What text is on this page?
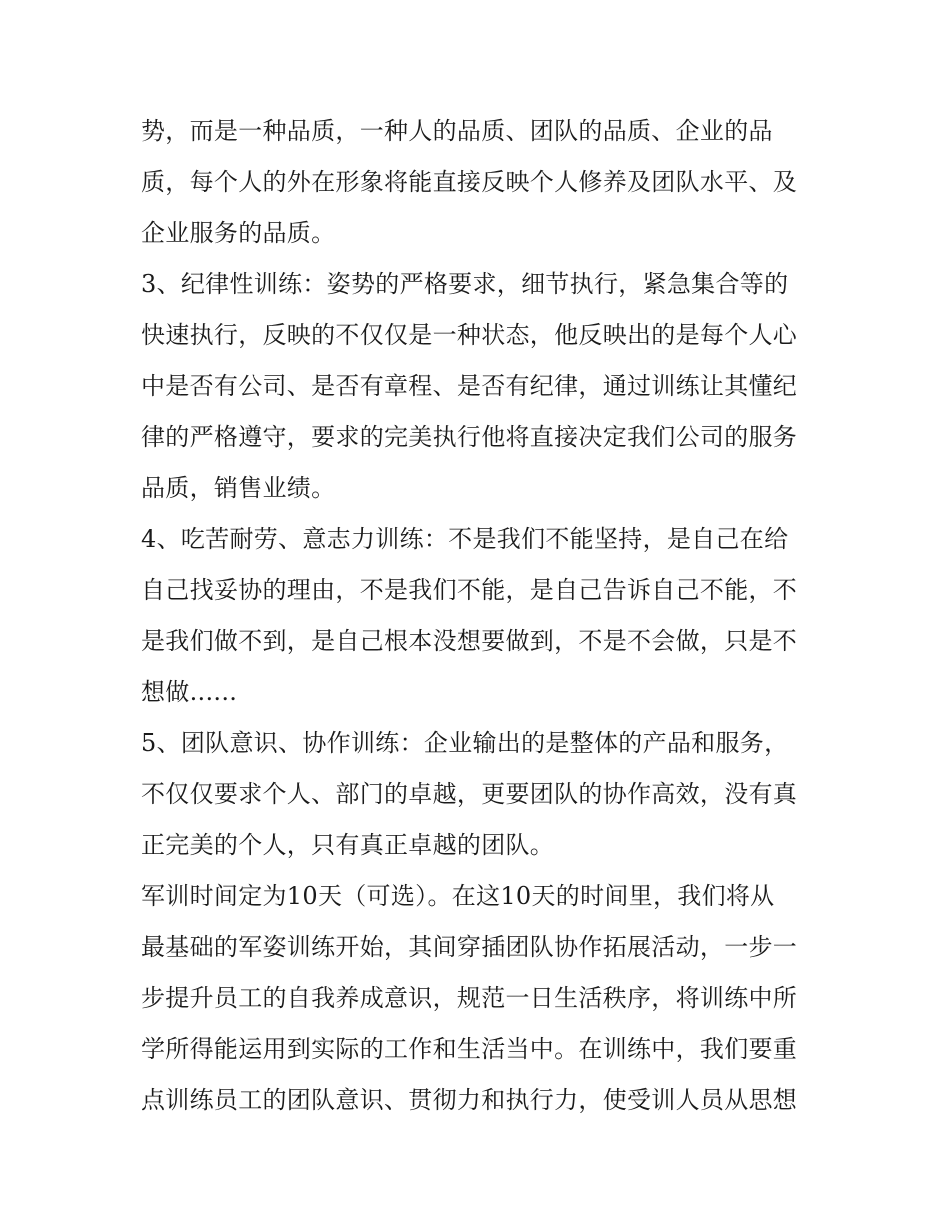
势，而是一种品质，一种人的品质、团队的品质、企业的品
质，每个人的外在形象将能直接反映个人修养及团队水平、及
企业服务的品质。
3、纪律性训练：姿势的严格要求，细节执行，紧急集合等的
快速执行，反映的不仅仅是一种状态，他反映出的是每个人心
中是否有公司、是否有章程、是否有纪律，通过训练让其懂纪
律的严格遵守，要求的完美执行他将直接决定我们公司的服务
品质，销售业绩。
4、吃苦耐劳、意志力训练：不是我们不能坚持，是自己在给
自己找妥协的理由，不是我们不能，是自己告诉自己不能，不
是我们做不到，是自己根本没想要做到，不是不会做，只是不
想做......
5、团队意识、协作训练：企业输出的是整体的产品和服务，
不仅仅要求个人、部门的卓越，更要团队的协作高效，没有真
正完美的个人，只有真正卓越的团队。
军训时间定为10天（可选）。在这10天的时间里，我们将从
最基础的军姿训练开始，其间穿插团队协作拓展活动，一步一
步提升员工的自我养成意识，规范一日生活秩序，将训练中所
学所得能运用到实际的工作和生活当中。在训练中，我们要重
点训练员工的团队意识、贯彻力和执行力，使受训人员从思想
